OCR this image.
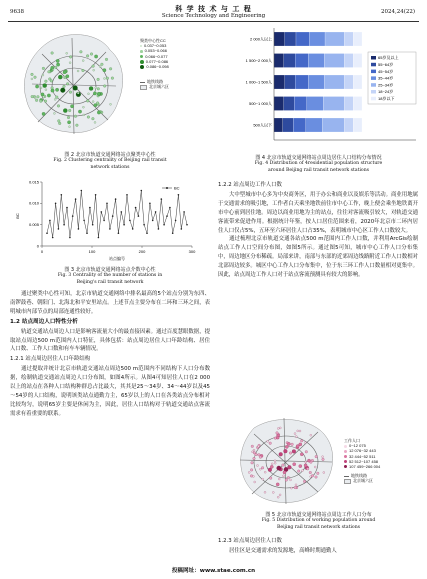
9638	科 学 技 术 与 工 程
Science Technology and Engineering
2024,24(22)
聚类中心性CC
0.037~0.053
0.053~0.066
0.066~0.077
0.077~0.086
0.086~0.098
地铁线路
北京城六区
图 2 北京市轨道交通网络站点聚类中心性
Fig. 2 Clustering centrality of Beijing rail transit
network stations
BC
0
0.005
0.010
0.015
0	100	200	300
BC
站点编号
图 3 北京市轨道交通网络站点介数中心性
Fig. 3 Centrality of the number of stations in
Beijing's rail transit network

通过聚类中心性可知，北京市轨道交通网络中排名最高的5个站点分别为东四、南锣鼓巷、朝阳门、北海北和平安里站点。上述节点主要分布在二环和三环之间，表明城市内部节点的局部连通性较好。

1.2 站点周边人口特性分析

轨道交通站点周边人口是影响客流量大小的最直接因素。通过百度慧眼数据，提取站点周边500 m范围内人口特征，具体包括：站点周边居住人口年龄结构、居住人口数、工作人口数和有车车辆情况。

1.2.1 站点周边居住人口年龄结构

通过提取并统计北京市轨道交通站点周边500 m范围内不同结构下人口分布数据，绘制轨道交通站点周边人口分布图，如图4所示。从图4可知居住人口在2 000以上的站点在各种人口结构种群总占比最大，其其是25～34岁、34～44岁以及45～54岁的人口结构，说明该类站点通勤力主，65岁以上的人口在各类站点分布相对比较均匀，说明65岁主要是休闲为主，因此，居住人口结构对于轨道交通站点客流需求有着重要的联系。

2 000人以上
1 500~2 000人
1 000~1 500人
500~1 000人
500人以下
65岁及以上
55~64岁
45~54岁
35~44岁
25~34岁
18~24岁
18岁以下
图 4 北京市轨道交通网络站点周边居住人口结构分布情况
Fig. 4 Distribution of 4residential population structure
around Beijing rail transit network stations
1.2.2 站点周边工作人口数

大中型城市中心多为中央商务区，用于办公和商业以及娱乐等活动。商业用地属于交通需求的吸引地，工作者白天乘坐地铁前往市中心工作，晚上便会乘坐地铁离开市中心前到居住地。周边以商业用地为主的站点，往往对客流吸引较大，对轨道交通客流带来促进作用。根据统计年鉴，按人口居住范围来看，2020年北京市二环内居住人口仅占5%，五环至六环居住人口占35%，表明城市中心区工作人口数较大。

通过梳理北京市轨道交通各站点500 m范围内工作人口数，并利用ArcGis绘制站点工作人口空间分布图，如图5所示。通过图5可知，城市中心工作人口分布集中，周边地区分布稀疏。局部来讲，南部与东部的近郊周边线路附近工作人口数相对北部周边较多。城区中心工作人口分布集中，位于东三环工作人口数量相对更集中。因此，站点周边工作人口对于站点客流预测具有较大的影响。

工作人口
0~12 075
12 076~32 443
32 444~52 511
52 512~107 458
107 459~266 004
地铁线路
北京城六区
图 5 北京市轨道交通网络站点周边工作人口分布
Fig. 5 Distribution of working population around
Beijing rail transit network stations
1.2.3 站点周边居住人口数

居住区是交通需求的发源地，高峰时期通勤人

投稿网址：www.stae.com.cn
